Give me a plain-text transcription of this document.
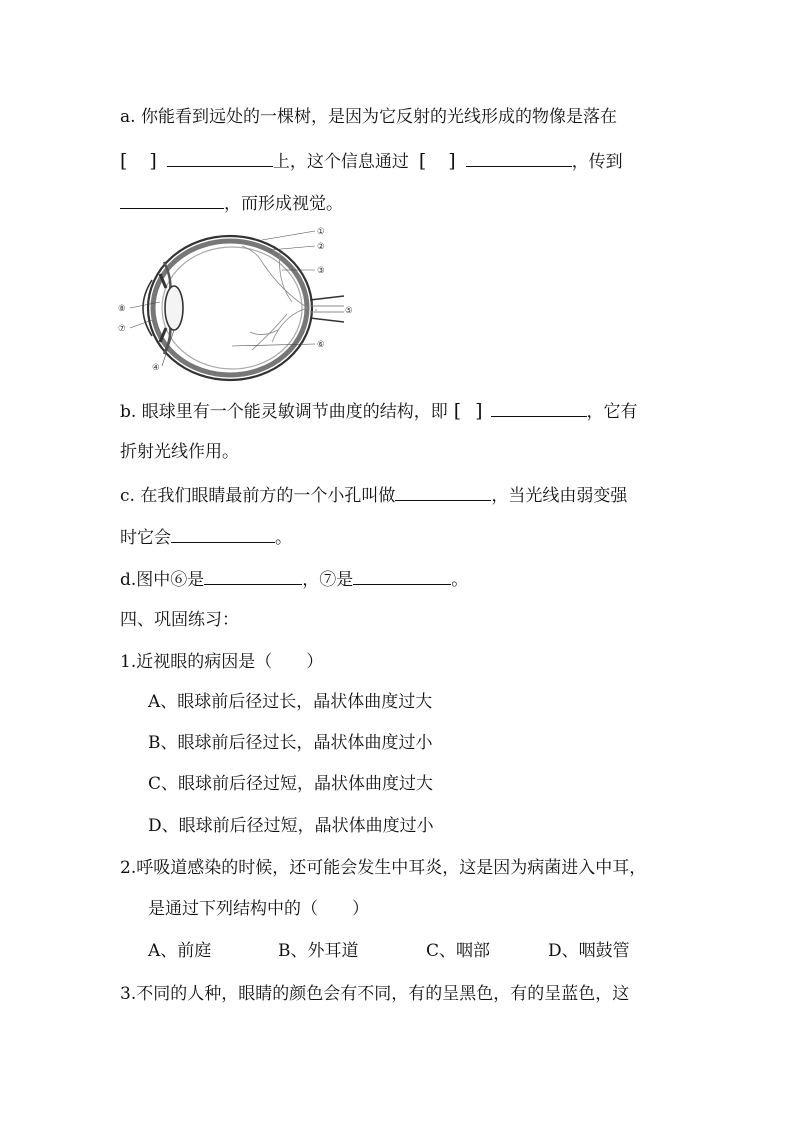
a. 你能看到远处的一棵树，是因为它反射的光线形成的物像是落在
[ ]	上，这个信息通过 [ ]	，传到
，而形成视觉。
①
②
③
④
⑤
⑥
⑦
⑧
b. 眼球里有一个能灵敏调节曲度的结构，即 [ ]	，它有
折射光线作用。
c. 在我们眼睛最前方的一个小孔叫做	，当光线由弱变强
时它会	。
d.图中⑥是	，⑦是	。
四、巩固练习：
1.近视眼的病因是（　　）
A、眼球前后径过长，晶状体曲度过大
B、眼球前后径过长，晶状体曲度过小
C、眼球前后径过短，晶状体曲度过大
D、眼球前后径过短，晶状体曲度过小
2.呼吸道感染的时候，还可能会发生中耳炎，这是因为病菌进入中耳，
是通过下列结构中的（　　）
A、前庭	B、外耳道	C、咽部	D、咽鼓管
3.不同的人种，眼睛的颜色会有不同，有的呈黑色，有的呈蓝色，这
